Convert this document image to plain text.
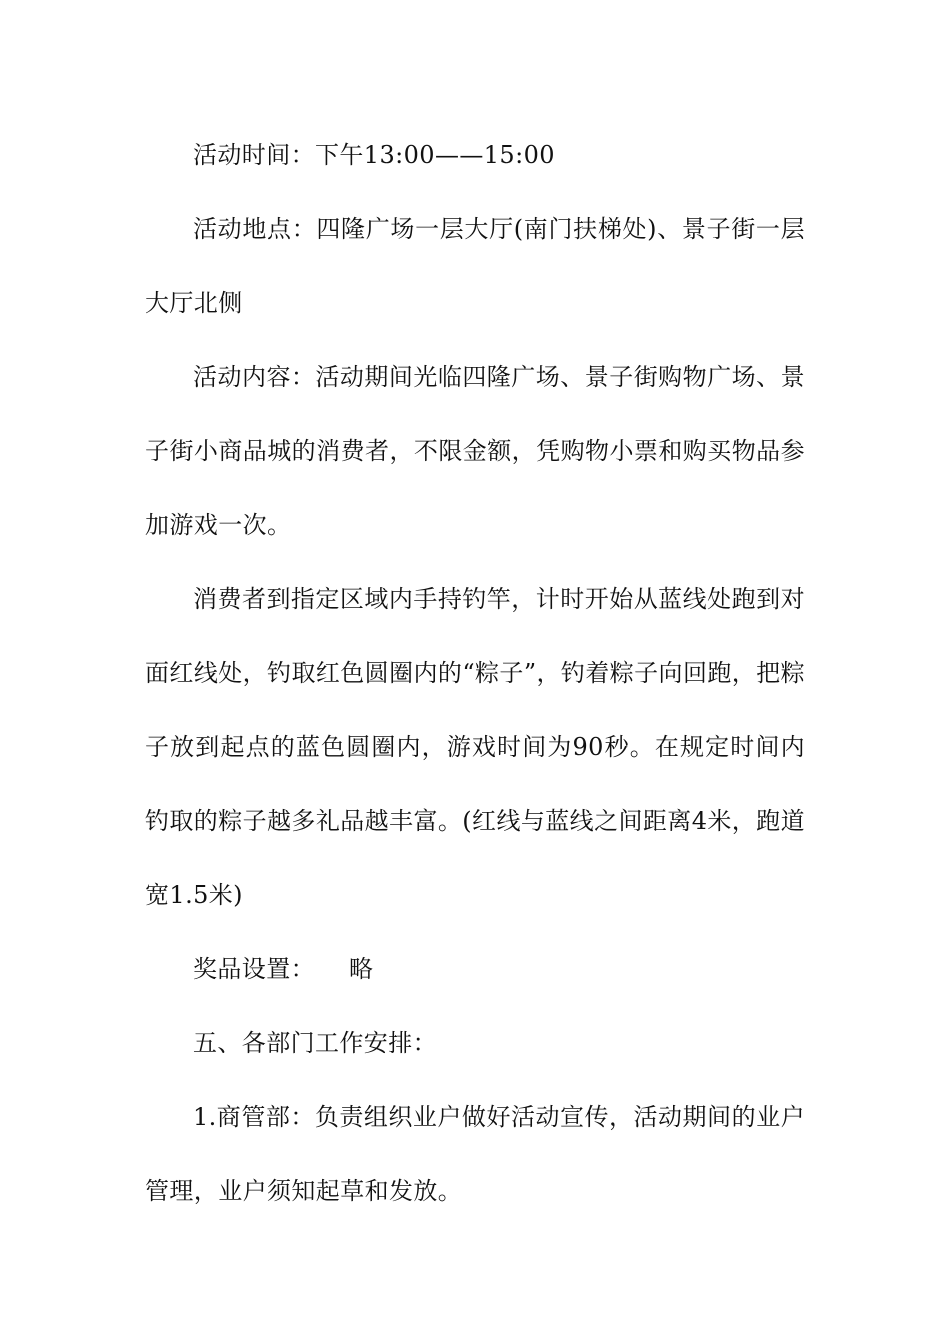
活动时间：下午13:00——15:00

活动地点：四隆广场一层大厅(南门扶梯处)、景子街一层大厅北侧

活动内容：活动期间光临四隆广场、景子街购物广场、景子街小商品城的消费者，不限金额，凭购物小票和购买物品参加游戏一次。

消费者到指定区域内手持钓竿，计时开始从蓝线处跑到对面红线处，钓取红色圆圈内的“粽子”，钓着粽子向回跑，把粽子放到起点的蓝色圆圈内，游戏时间为90秒。在规定时间内钓取的粽子越多礼品越丰富。(红线与蓝线之间距离4米，跑道宽1.5米)

奖品设置： 略

五、各部门工作安排：

1.商管部：负责组织业户做好活动宣传，活动期间的业户管理，业户须知起草和发放。
